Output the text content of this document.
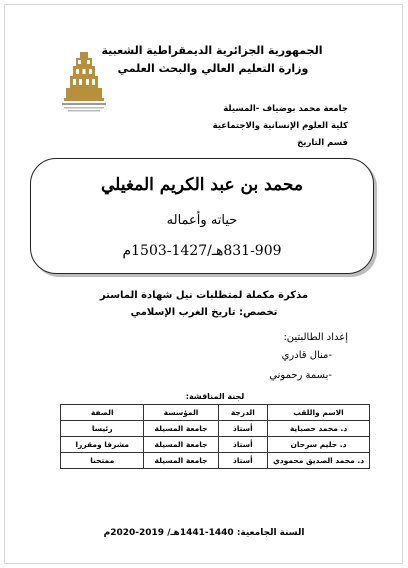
الجمهورية الجزائرية الديمقراطية الشعبية
وزارة التعليم العالي والبحث العلمي
جامعة محمد بوضياف -المسيلة
كلية العلوم الإنسانية والاجتماعية
قسم التاريخ
محمد بن عبد الكريم المغيلي
حياته وأعماله
831-909هـ/1427-1503م
مذكرة مكملة لمتطلبات نيل شهادة الماستر
تخصص: تاريخ الغرب الإسلامي
إعداد الطالبتين:
-منال قادري
-بسمة رحموني
لجنة المناقشة:
الاسم واللقب	الدرجة	المؤسسة	الصفة
د. محمد حصباية	أستاذ	جامعة المسيلة	رئيسا
د. حليم سرحان	أستاذ	جامعة المسيلة	مشرفا ومقررا
د. محمد الصديق محمودي	أستاذ	جامعة المسيلة	ممتحنا
السنة الجامعية: 1440-1441هـ/ 2019-2020م
